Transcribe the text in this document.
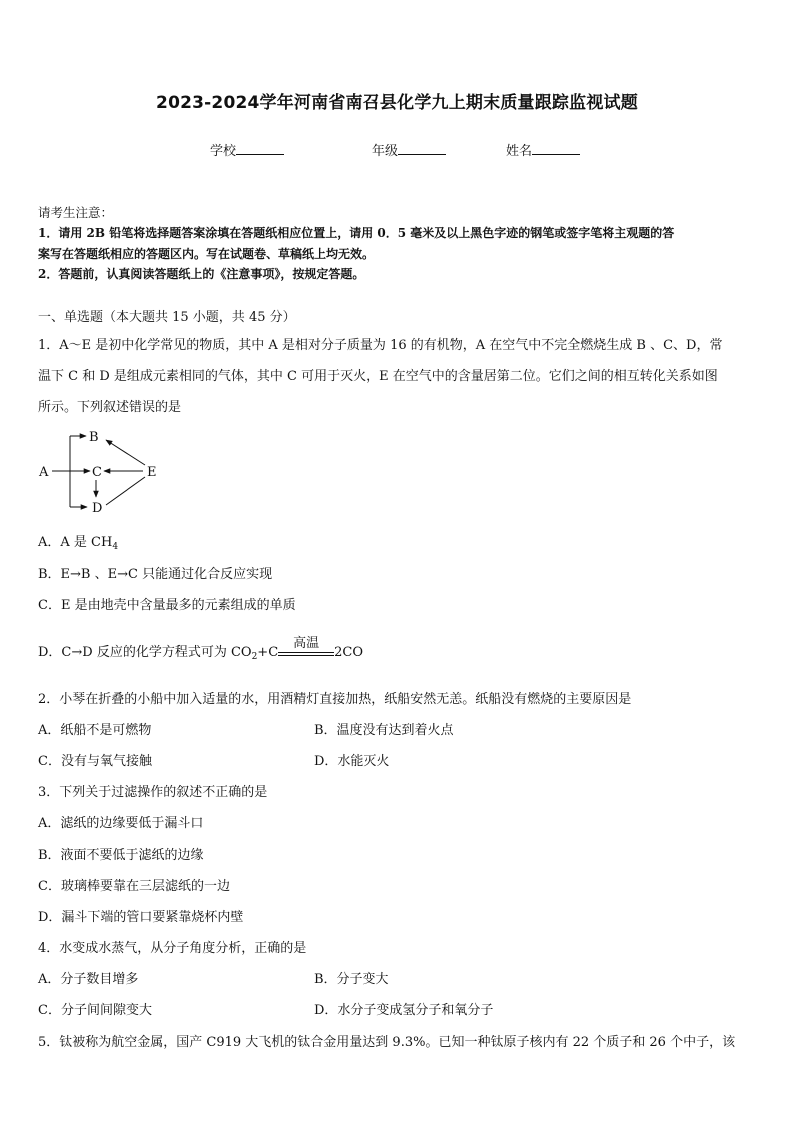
2023-2024学年河南省南召县化学九上期末质量跟踪监视试题
学校	年级	姓名
请考生注意：
1．请用 2B 铅笔将选择题答案涂填在答题纸相应位置上，请用 0．5 毫米及以上黑色字迹的钢笔或签字笔将主观题的答
案写在答题纸相应的答题区内。写在试题卷、草稿纸上均无效。
2．答题前，认真阅读答题纸上的《注意事项》，按规定答题。
一、单选题（本大题共 15 小题，共 45 分）
1．A～E 是初中化学常见的物质，其中 A 是相对分子质量为 16 的有机物，A 在空气中不完全燃烧生成 B 、C、D，常
温下 C 和 D 是组成元素相同的气体，其中 C 可用于灭火，E 在空气中的含量居第二位。它们之间的相互转化关系如图
所示。下列叙述错误的是
A
B
C
D
E
A．A 是 $CH_4$
B．E→B 、E→C 只能通过化合反应实现
C．E 是由地壳中含量最多的元素组成的单质
D．C→D 反应的化学方程式可为 $CO_2+C$
高温
2CO
2．小琴在折叠的小船中加入适量的水，用酒精灯直接加热，纸船安然无恙。纸船没有燃烧的主要原因是
A．纸船不是可燃物	B．温度没有达到着火点
C．没有与氧气接触	D．水能灭火
3．下列关于过滤操作的叙述不正确的是
A．滤纸的边缘要低于漏斗口
B．液面不要低于滤纸的边缘
C．玻璃棒要靠在三层滤纸的一边
D．漏斗下端的管口要紧靠烧杯内壁
4．水变成水蒸气，从分子角度分析，正确的是
A．分子数目增多	B．分子变大
C．分子间间隙变大	D．水分子变成氢分子和氧分子
5．钛被称为航空金属，国产 C919 大飞机的钛合金用量达到 9.3%。已知一种钛原子核内有 22 个质子和 26 个中子，该
